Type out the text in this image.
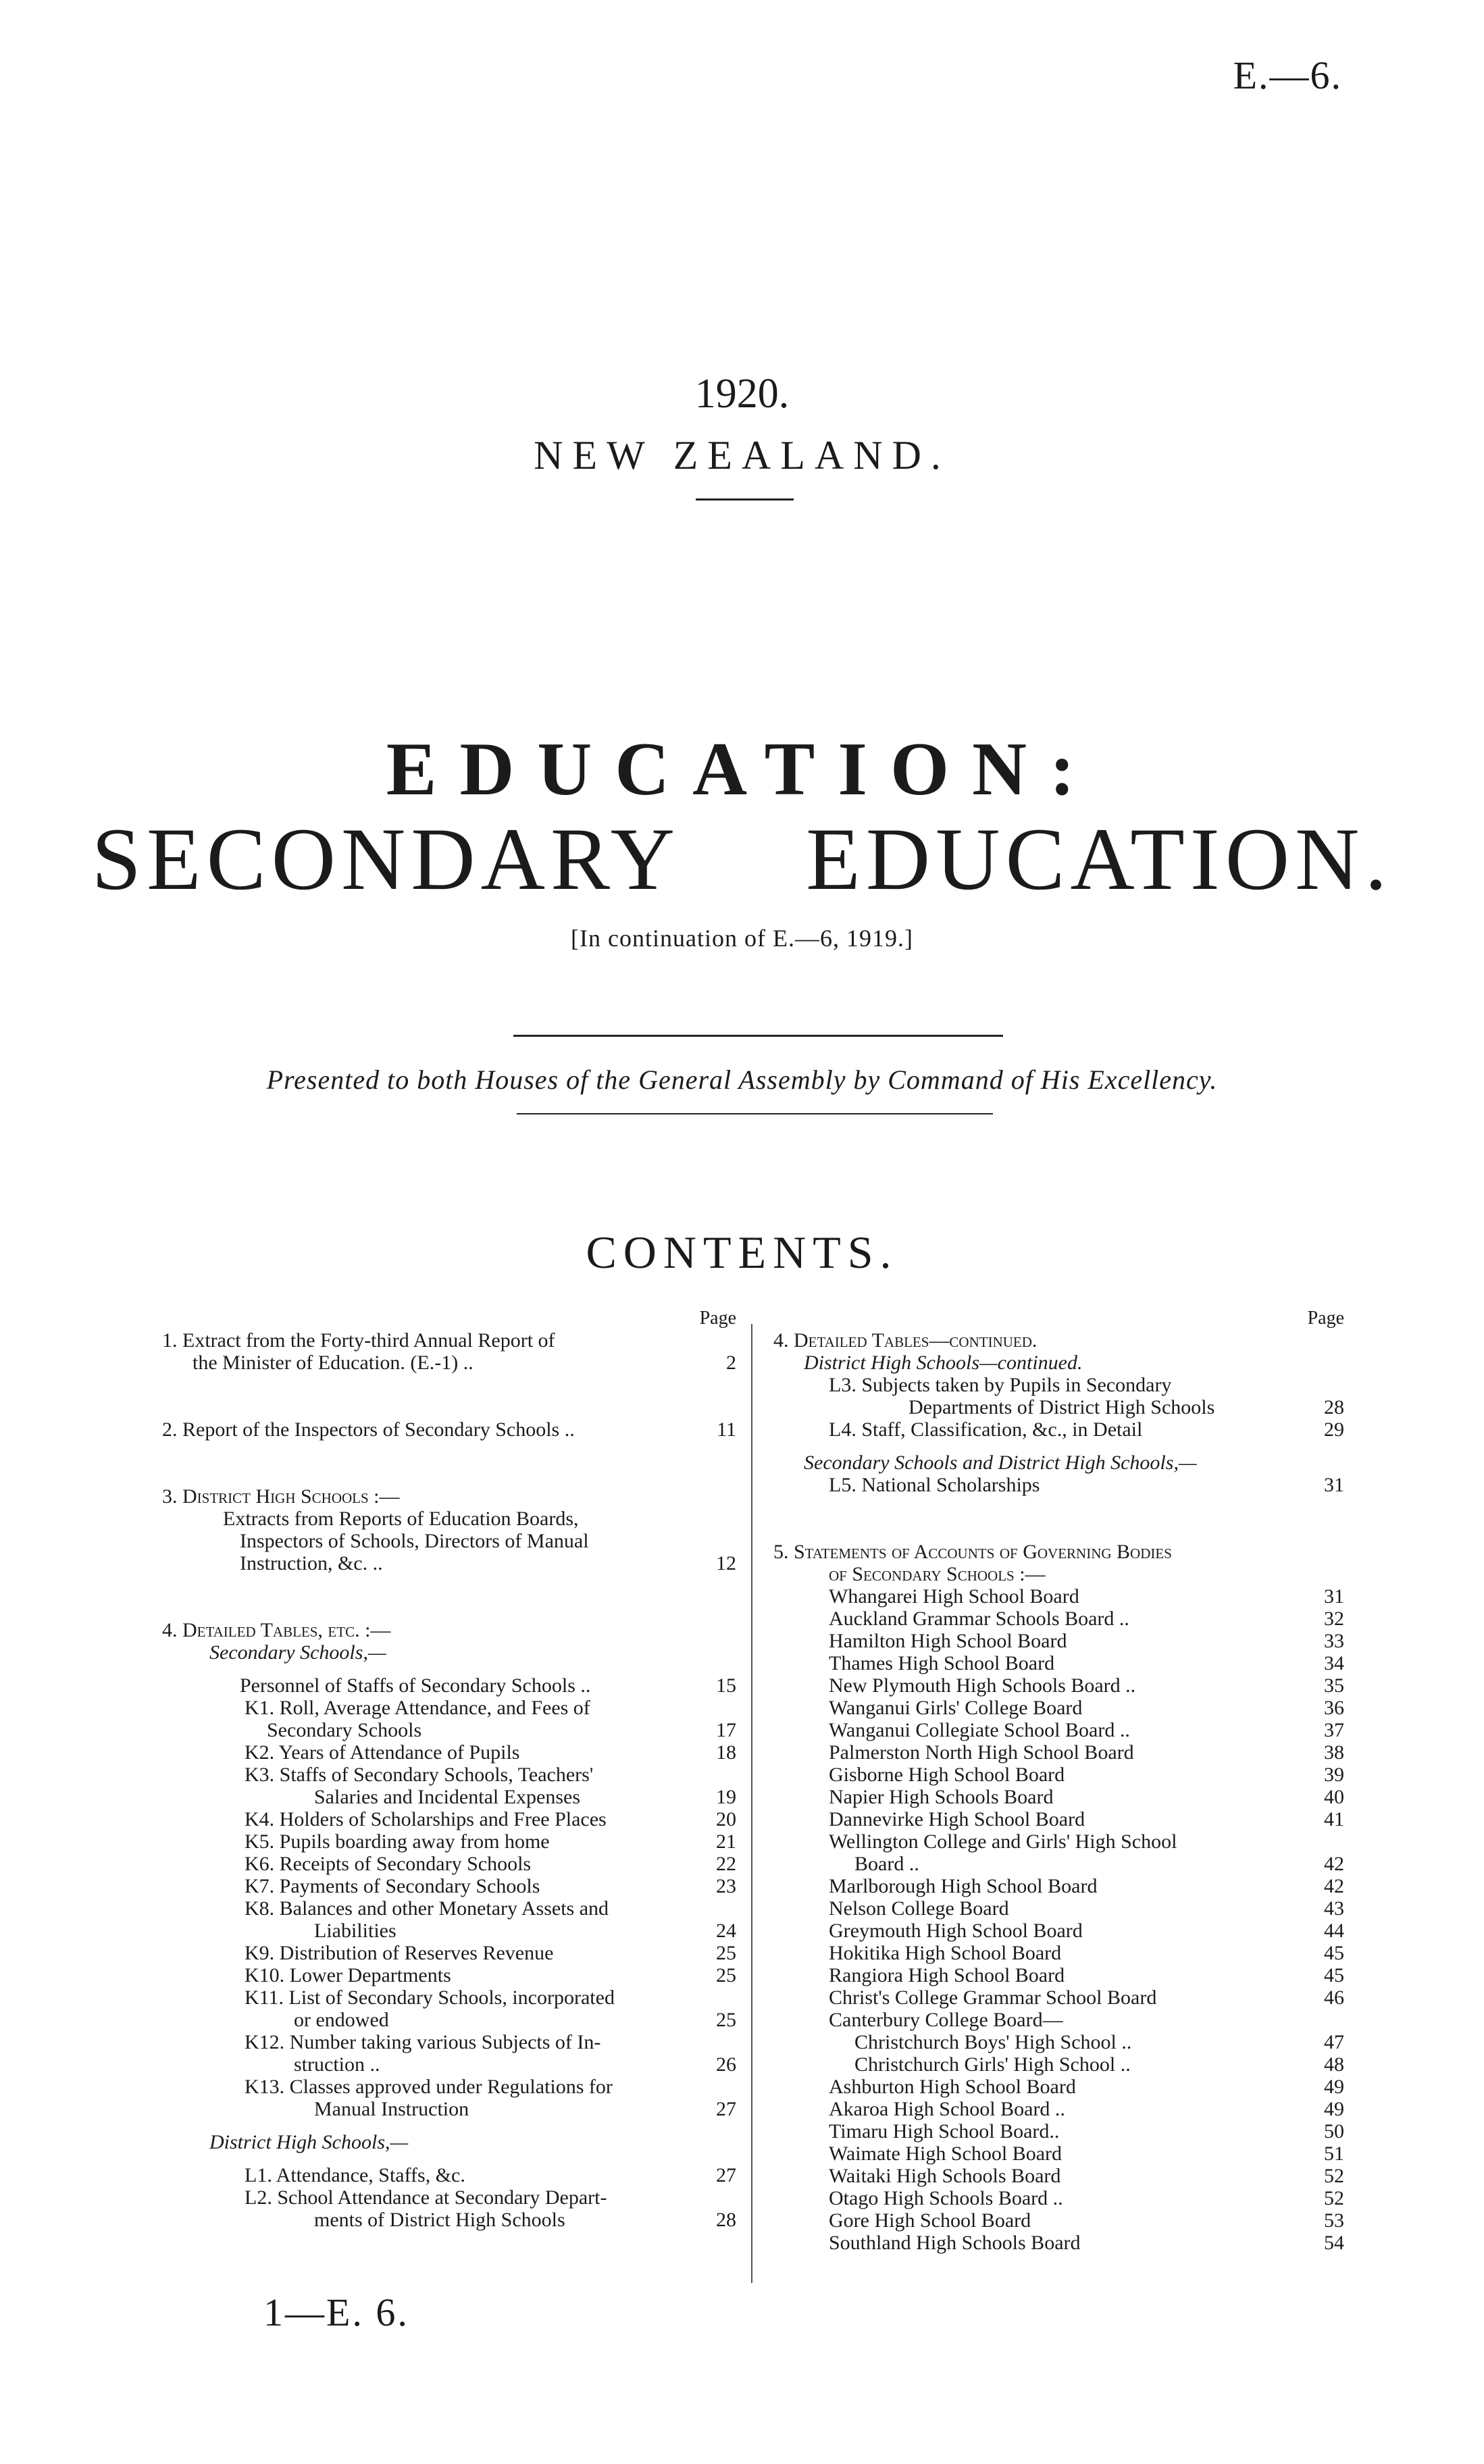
E.—6.
1920.
NEW ZEALAND.
EDUCATION:
SECONDARY EDUCATION.
[In continuation of E.—6, 1919.]
Presented to both Houses of the General Assembly by Command of His Excellency.
CONTENTS.
Page
1. Extract from the Forty-third Annual Report of
the Minister of Education. (E.-1) ..	2
2. Report of the Inspectors of Secondary Schools ..	11
3. District High Schools :—
Extracts from Reports of Education Boards,
Inspectors of Schools, Directors of Manual
Instruction, &c. ..	12
4. Detailed Tables, etc. :—
Secondary Schools,—
Personnel of Staffs of Secondary Schools ..	15
K1. Roll, Average Attendance, and Fees of
Secondary Schools	17
K2. Years of Attendance of Pupils	18
K3. Staffs of Secondary Schools, Teachers'
Salaries and Incidental Expenses	19
K4. Holders of Scholarships and Free Places	20
K5. Pupils boarding away from home	21
K6. Receipts of Secondary Schools	22
K7. Payments of Secondary Schools	23
K8. Balances and other Monetary Assets and
Liabilities	24
K9. Distribution of Reserves Revenue	25
K10. Lower Departments	25
K11. List of Secondary Schools, incorporated
or endowed	25
K12. Number taking various Subjects of In-
struction ..	26
K13. Classes approved under Regulations for
Manual Instruction	27
District High Schools,—
L1. Attendance, Staffs, &c.	27
L2. School Attendance at Secondary Depart-
ments of District High Schools	28
Page
4. Detailed Tables—continued.
District High Schools—continued.
L3. Subjects taken by Pupils in Secondary
Departments of District High Schools	28
L4. Staff, Classification, &c., in Detail	29
Secondary Schools and District High Schools,—
L5. National Scholarships	31
5. Statements of Accounts of Governing Bodies
of Secondary Schools :—
Whangarei High School Board	31
Auckland Grammar Schools Board ..	32
Hamilton High School Board	33
Thames High School Board	34
New Plymouth High Schools Board ..	35
Wanganui Girls' College Board	36
Wanganui Collegiate School Board ..	37
Palmerston North High School Board	38
Gisborne High School Board	39
Napier High Schools Board	40
Dannevirke High School Board	41
Wellington College and Girls' High School
Board ..	42
Marlborough High School Board	42
Nelson College Board	43
Greymouth High School Board	44
Hokitika High School Board	45
Rangiora High School Board	45
Christ's College Grammar School Board	46
Canterbury College Board—
Christchurch Boys' High School ..	47
Christchurch Girls' High School ..	48
Ashburton High School Board	49
Akaroa High School Board ..	49
Timaru High School Board..	50
Waimate High School Board	51
Waitaki High Schools Board	52
Otago High Schools Board ..	52
Gore High School Board	53
Southland High Schools Board	54
1—E. 6.
